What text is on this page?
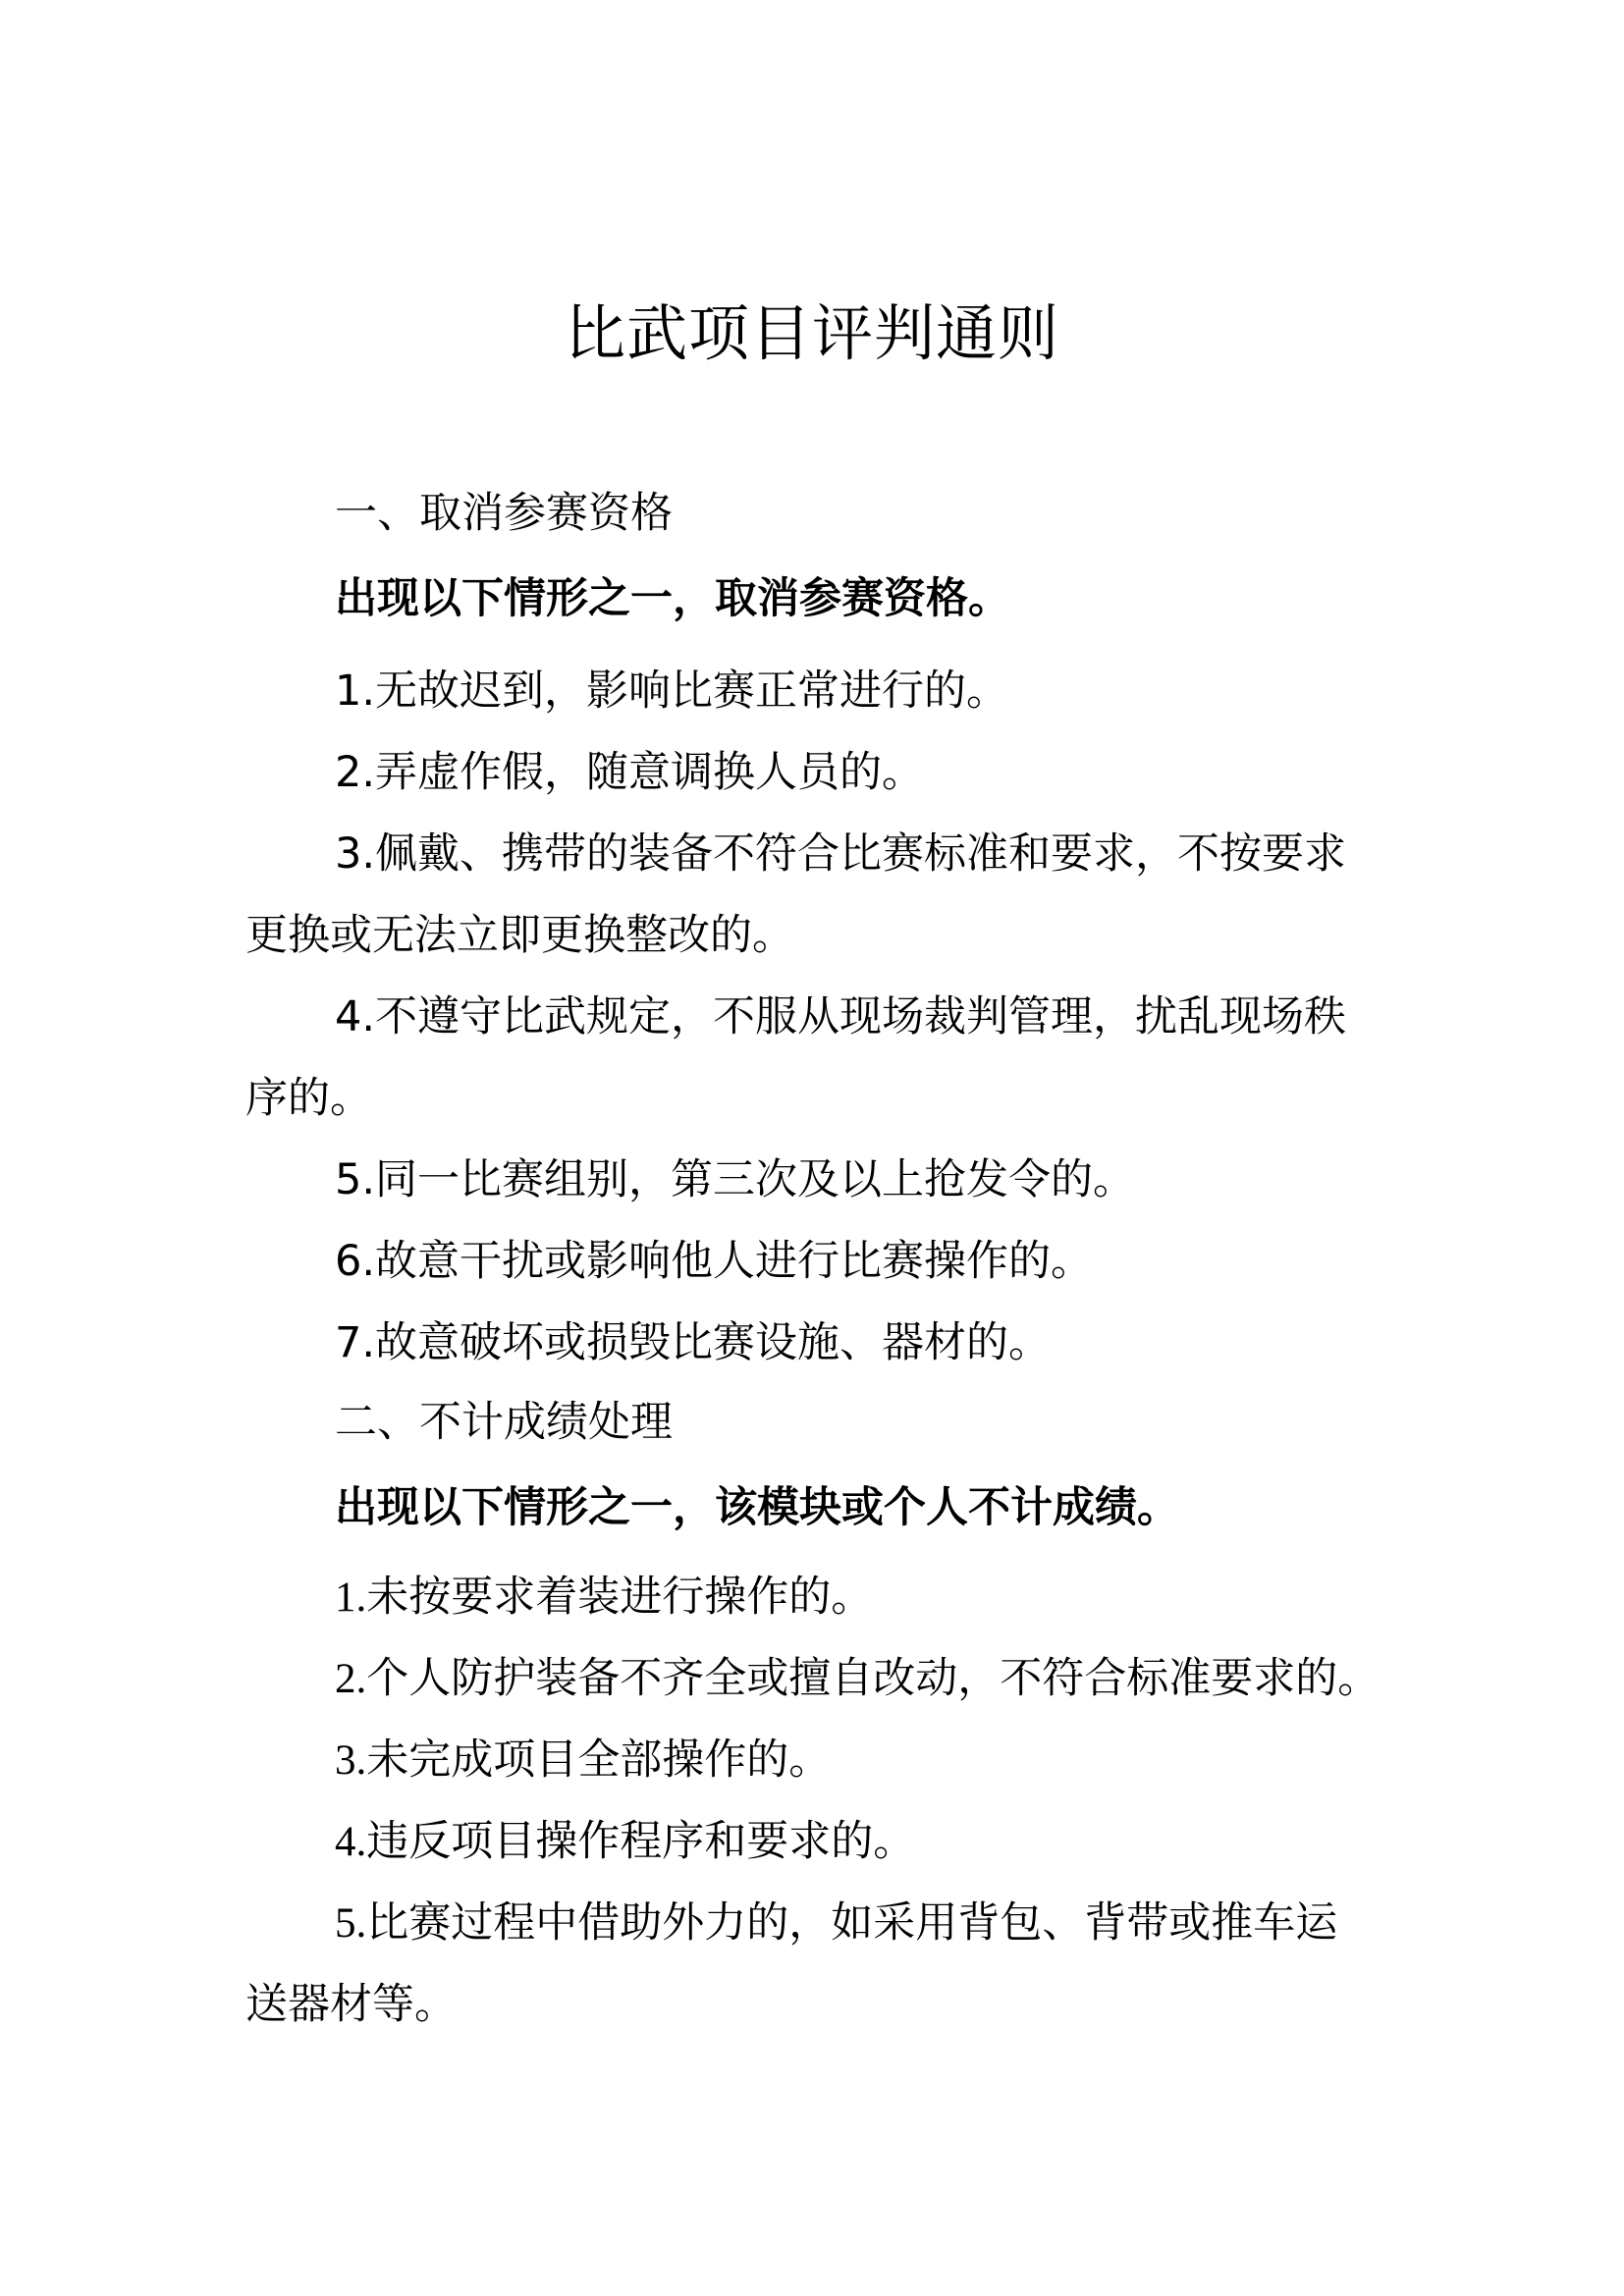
比武项目评判通则
一、取消参赛资格
出现以下情形之一，取消参赛资格。
1.无故迟到，影响比赛正常进行的。
2.弄虚作假，随意调换人员的。
3.佩戴、携带的装备不符合比赛标准和要求，不按要求
更换或无法立即更换整改的。
4.不遵守比武规定，不服从现场裁判管理，扰乱现场秩
序的。
5.同一比赛组别，第三次及以上抢发令的。
6.故意干扰或影响他人进行比赛操作的。
7.故意破坏或损毁比赛设施、器材的。
二、不计成绩处理
出现以下情形之一，该模块或个人不计成绩。
1.未按要求着装进行操作的。
2.个人防护装备不齐全或擅自改动，不符合标准要求的。
3.未完成项目全部操作的。
4.违反项目操作程序和要求的。
5.比赛过程中借助外力的，如采用背包、背带或推车运
送器材等。
